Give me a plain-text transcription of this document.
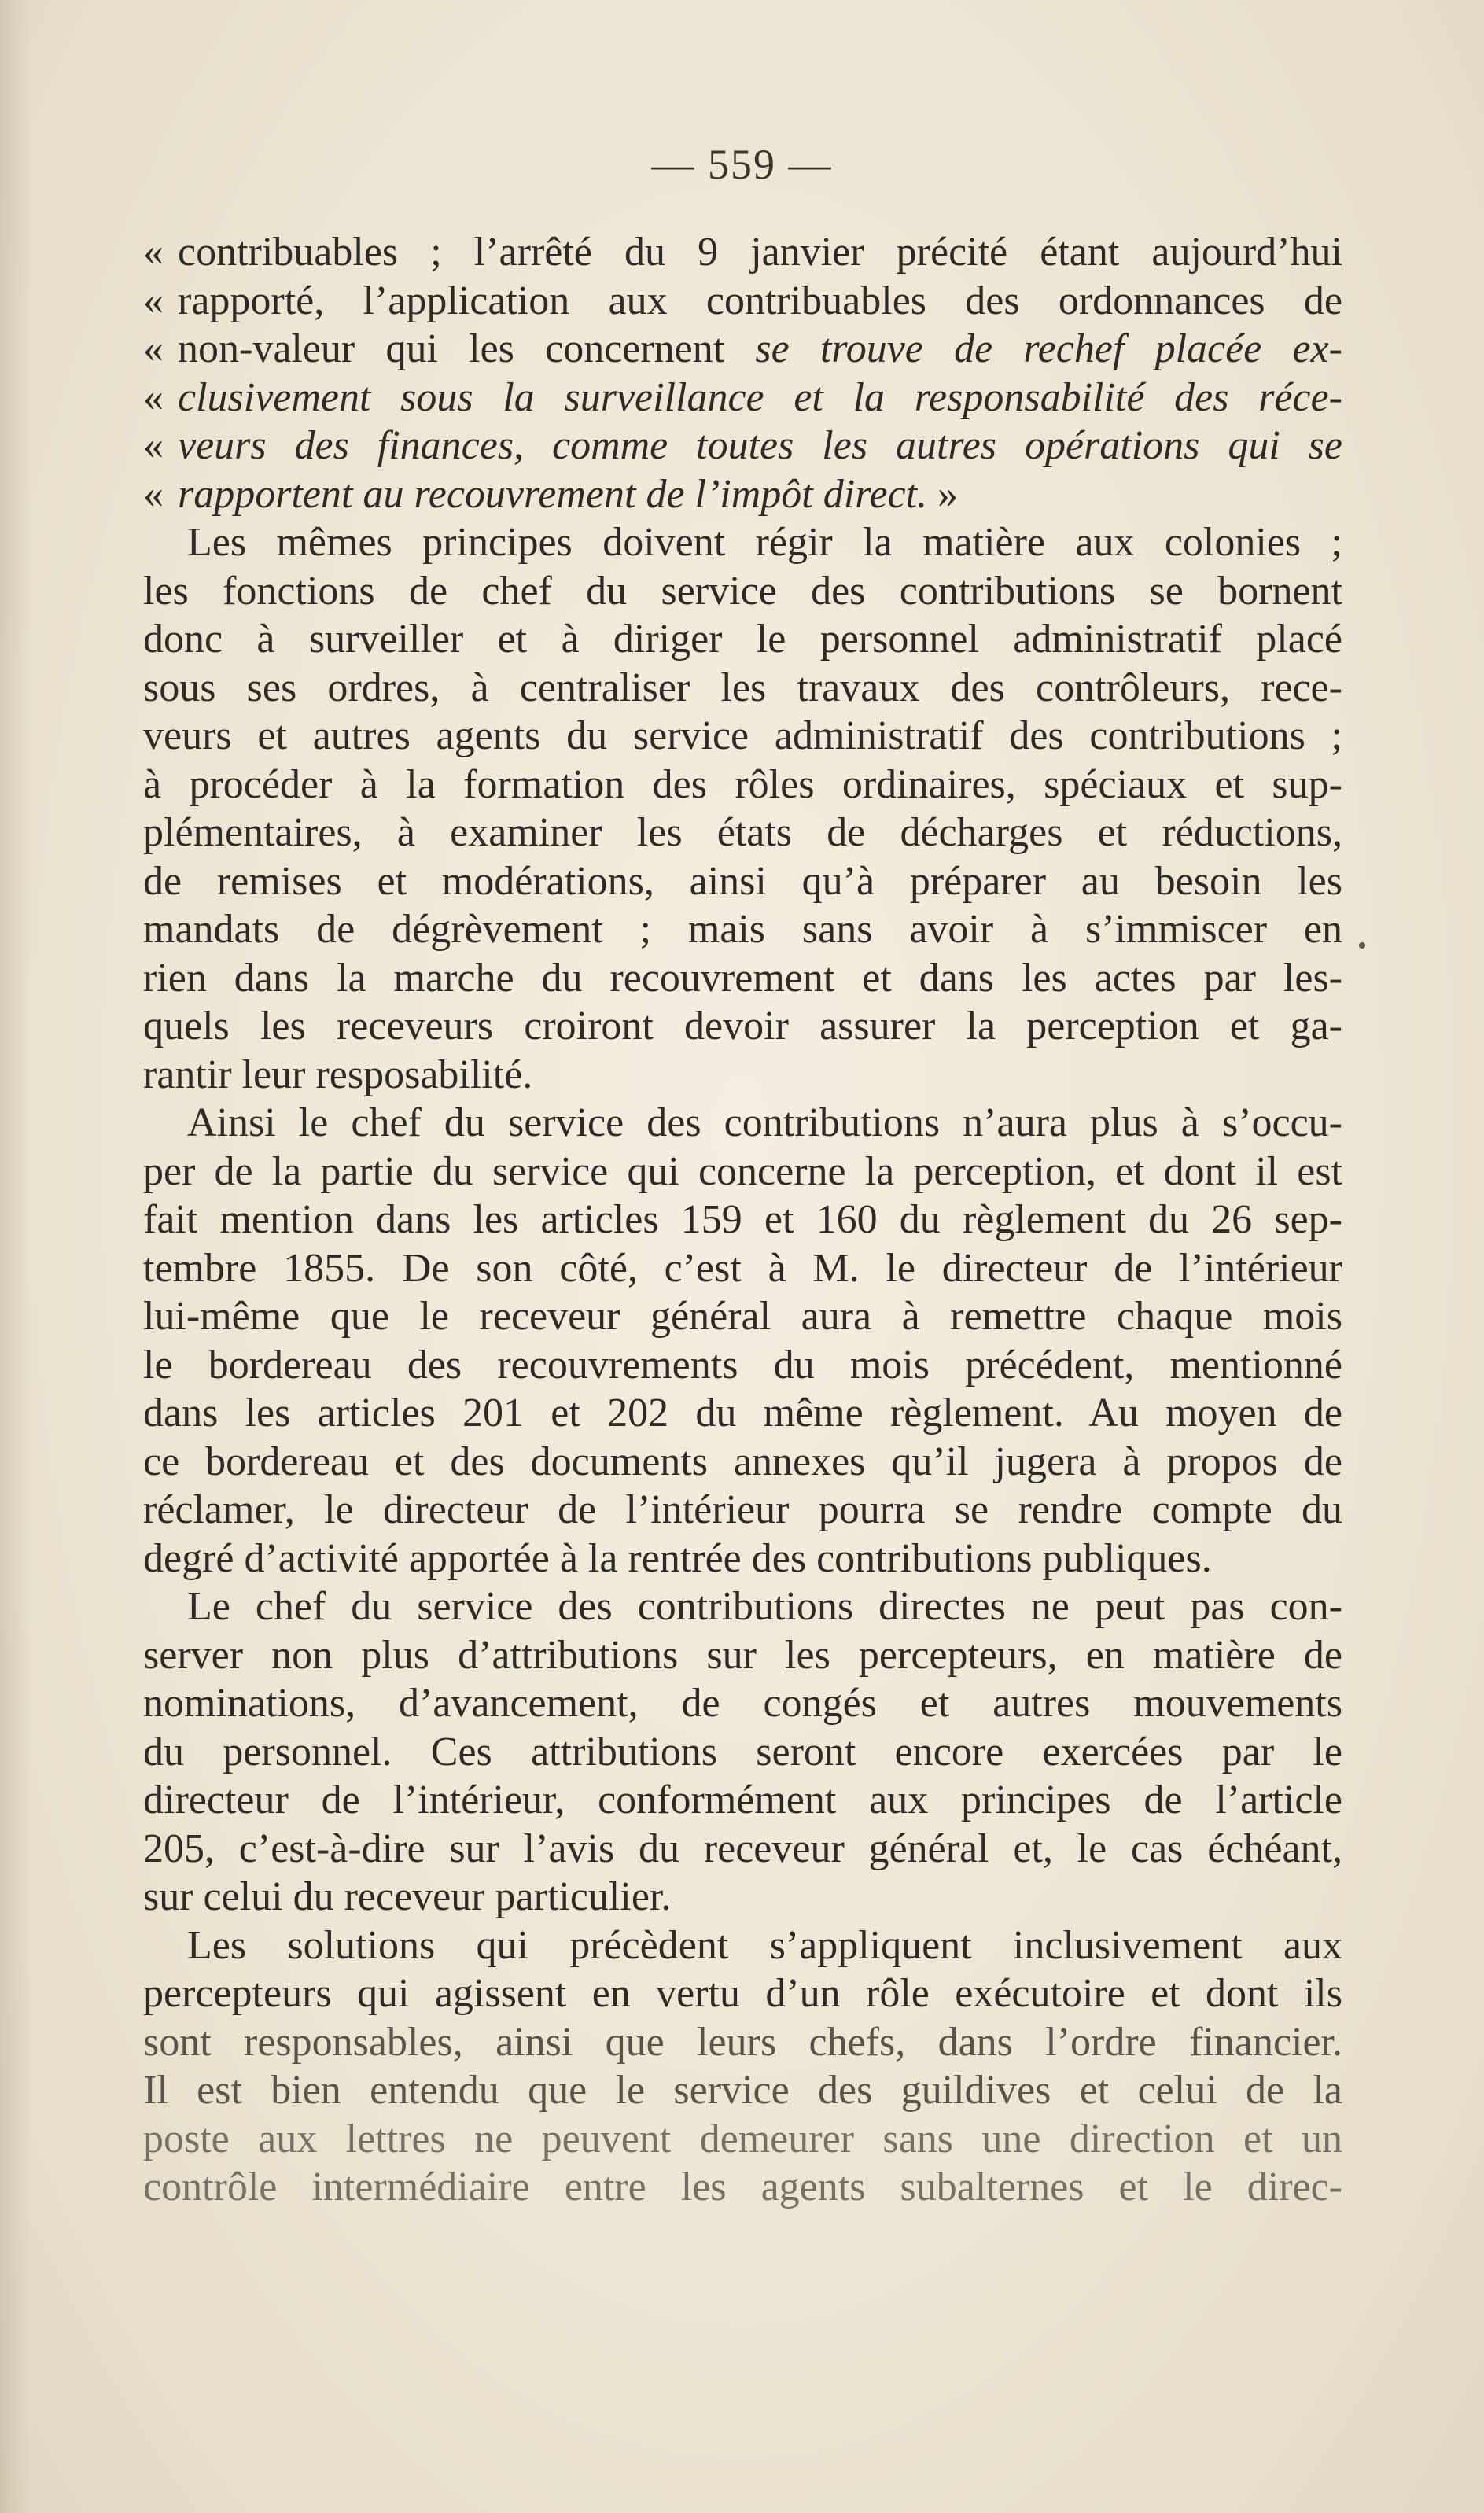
— 559 —
•
« contribuables ; l’arrêté du 9 janvier précité étant aujourd’hui
« rapporté, l’application aux contribuables des ordonnances de
« non-valeur qui les concernent se trouve de rechef placée ex-
« clusivement sous la surveillance et la responsabilité des réce-
« veurs des finances, comme toutes les autres opérations qui se
« rapportent au recouvrement de l’impôt direct. »
Les mêmes principes doivent régir la matière aux colonies ;
les fonctions de chef du service des contributions se bornent
donc à surveiller et à diriger le personnel administratif placé
sous ses ordres, à centraliser les travaux des contrôleurs, rece-
veurs et autres agents du service administratif des contributions ;
à procéder à la formation des rôles ordinaires, spéciaux et sup-
plémentaires, à examiner les états de décharges et réductions,
de remises et modérations, ainsi qu’à préparer au besoin les
mandats de dégrèvement ; mais sans avoir à s’immiscer en
rien dans la marche du recouvrement et dans les actes par les-
quels les receveurs croiront devoir assurer la perception et ga-
rantir leur resposabilité.
Ainsi le chef du service des contributions n’aura plus à s’occu-
per de la partie du service qui concerne la perception, et dont il est
fait mention dans les articles 159 et 160 du règlement du 26 sep-
tembre 1855. De son côté, c’est à M. le directeur de l’intérieur
lui-même que le receveur général aura à remettre chaque mois
le bordereau des recouvrements du mois précédent, mentionné
dans les articles 201 et 202 du même règlement. Au moyen de
ce bordereau et des documents annexes qu’il jugera à propos de
réclamer, le directeur de l’intérieur pourra se rendre compte du
degré d’activité apportée à la rentrée des contributions publiques.
Le chef du service des contributions directes ne peut pas con-
server non plus d’attributions sur les percepteurs, en matière de
nominations, d’avancement, de congés et autres mouvements
du personnel. Ces attributions seront encore exercées par le
directeur de l’intérieur, conformément aux principes de l’article
205, c’est-à-dire sur l’avis du receveur général et, le cas échéant,
sur celui du receveur particulier.
Les solutions qui précèdent s’appliquent inclusivement aux
percepteurs qui agissent en vertu d’un rôle exécutoire et dont ils
sont responsables, ainsi que leurs chefs, dans l’ordre financier.
Il est bien entendu que le service des guildives et celui de la
poste aux lettres ne peuvent demeurer sans une direction et un
contrôle intermédiaire entre les agents subalternes et le direc-
